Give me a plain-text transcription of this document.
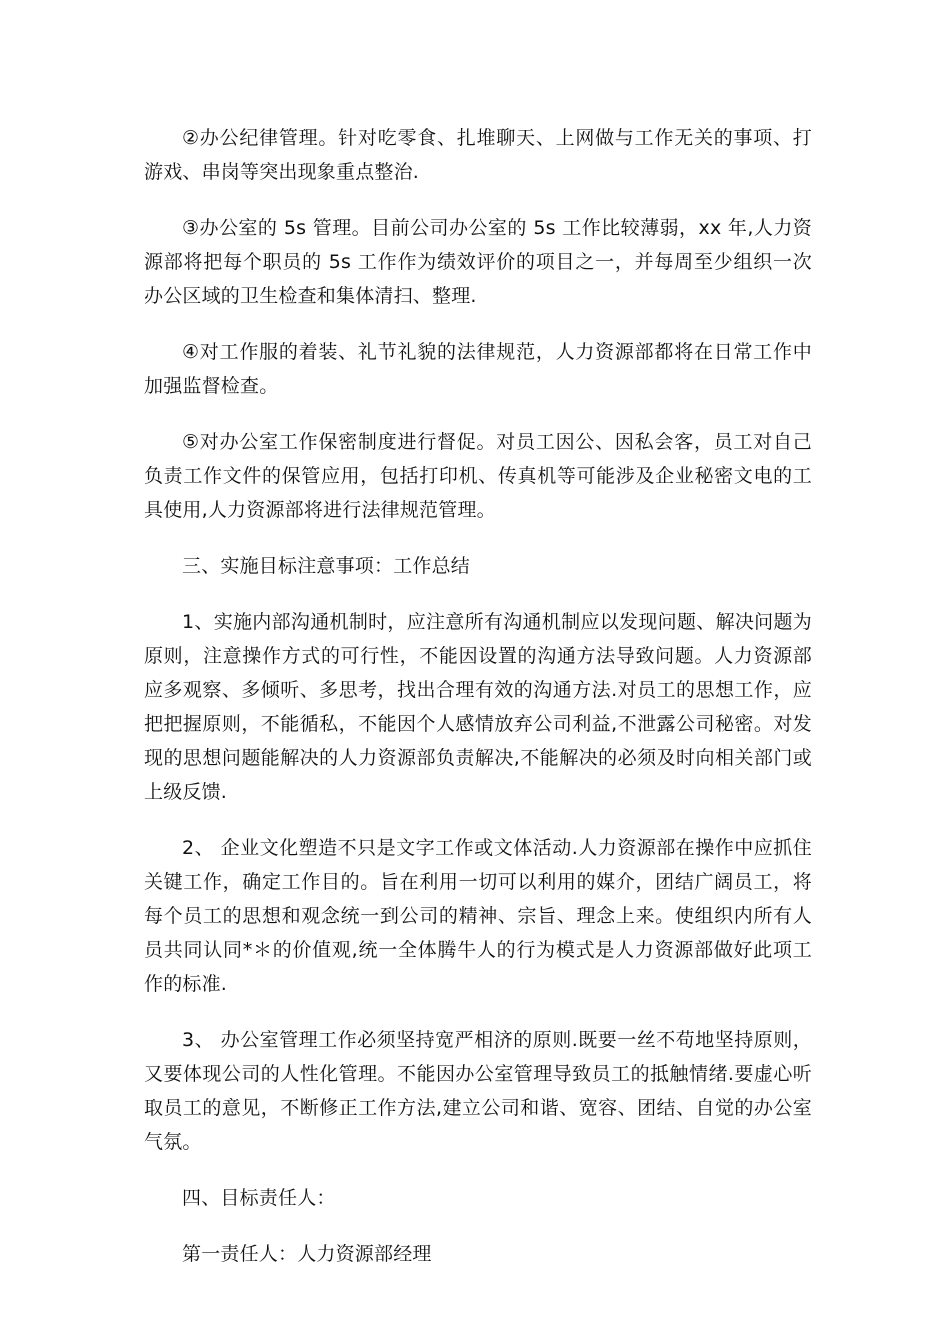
②办公纪律管理。针对吃零食、扎堆聊天、上网做与工作无关的事项、打游戏、串岗等突出现象重点整治.

③办公室的 5s 管理。目前公司办公室的 5s 工作比较薄弱，xx 年,人力资源部将把每个职员的 5s 工作作为绩效评价的项目之一，并每周至少组织一次办公区域的卫生检查和集体清扫、整理.

④对工作服的着装、礼节礼貌的法律规范，人力资源部都将在日常工作中加强监督检查。

⑤对办公室工作保密制度进行督促。对员工因公、因私会客，员工对自己负责工作文件的保管应用，包括打印机、传真机等可能涉及企业秘密文电的工具使用,人力资源部将进行法律规范管理。

三、实施目标注意事项：工作总结

1、实施内部沟通机制时，应注意所有沟通机制应以发现问题、解决问题为原则，注意操作方式的可行性，不能因设置的沟通方法导致问题。人力资源部应多观察、多倾听、多思考，找出合理有效的沟通方法.对员工的思想工作，应把把握原则，不能循私，不能因个人感情放弃公司利益,不泄露公司秘密。对发现的思想问题能解决的人力资源部负责解决,不能解决的必须及时向相关部门或上级反馈.

2、 企业文化塑造不只是文字工作或文体活动.人力资源部在操作中应抓住关键工作，确定工作目的。旨在利用一切可以利用的媒介，团结广阔员工，将每个员工的思想和观念统一到公司的精神、宗旨、理念上来。使组织内所有人员共同认同*＊的价值观,统一全体腾牛人的行为模式是人力资源部做好此项工作的标准.

3、 办公室管理工作必须坚持宽严相济的原则.既要一丝不苟地坚持原则，又要体现公司的人性化管理。不能因办公室管理导致员工的抵触情绪.要虚心听取员工的意见，不断修正工作方法,建立公司和谐、宽容、团结、自觉的办公室气氛。

四、目标责任人：

第一责任人：人力资源部经理
